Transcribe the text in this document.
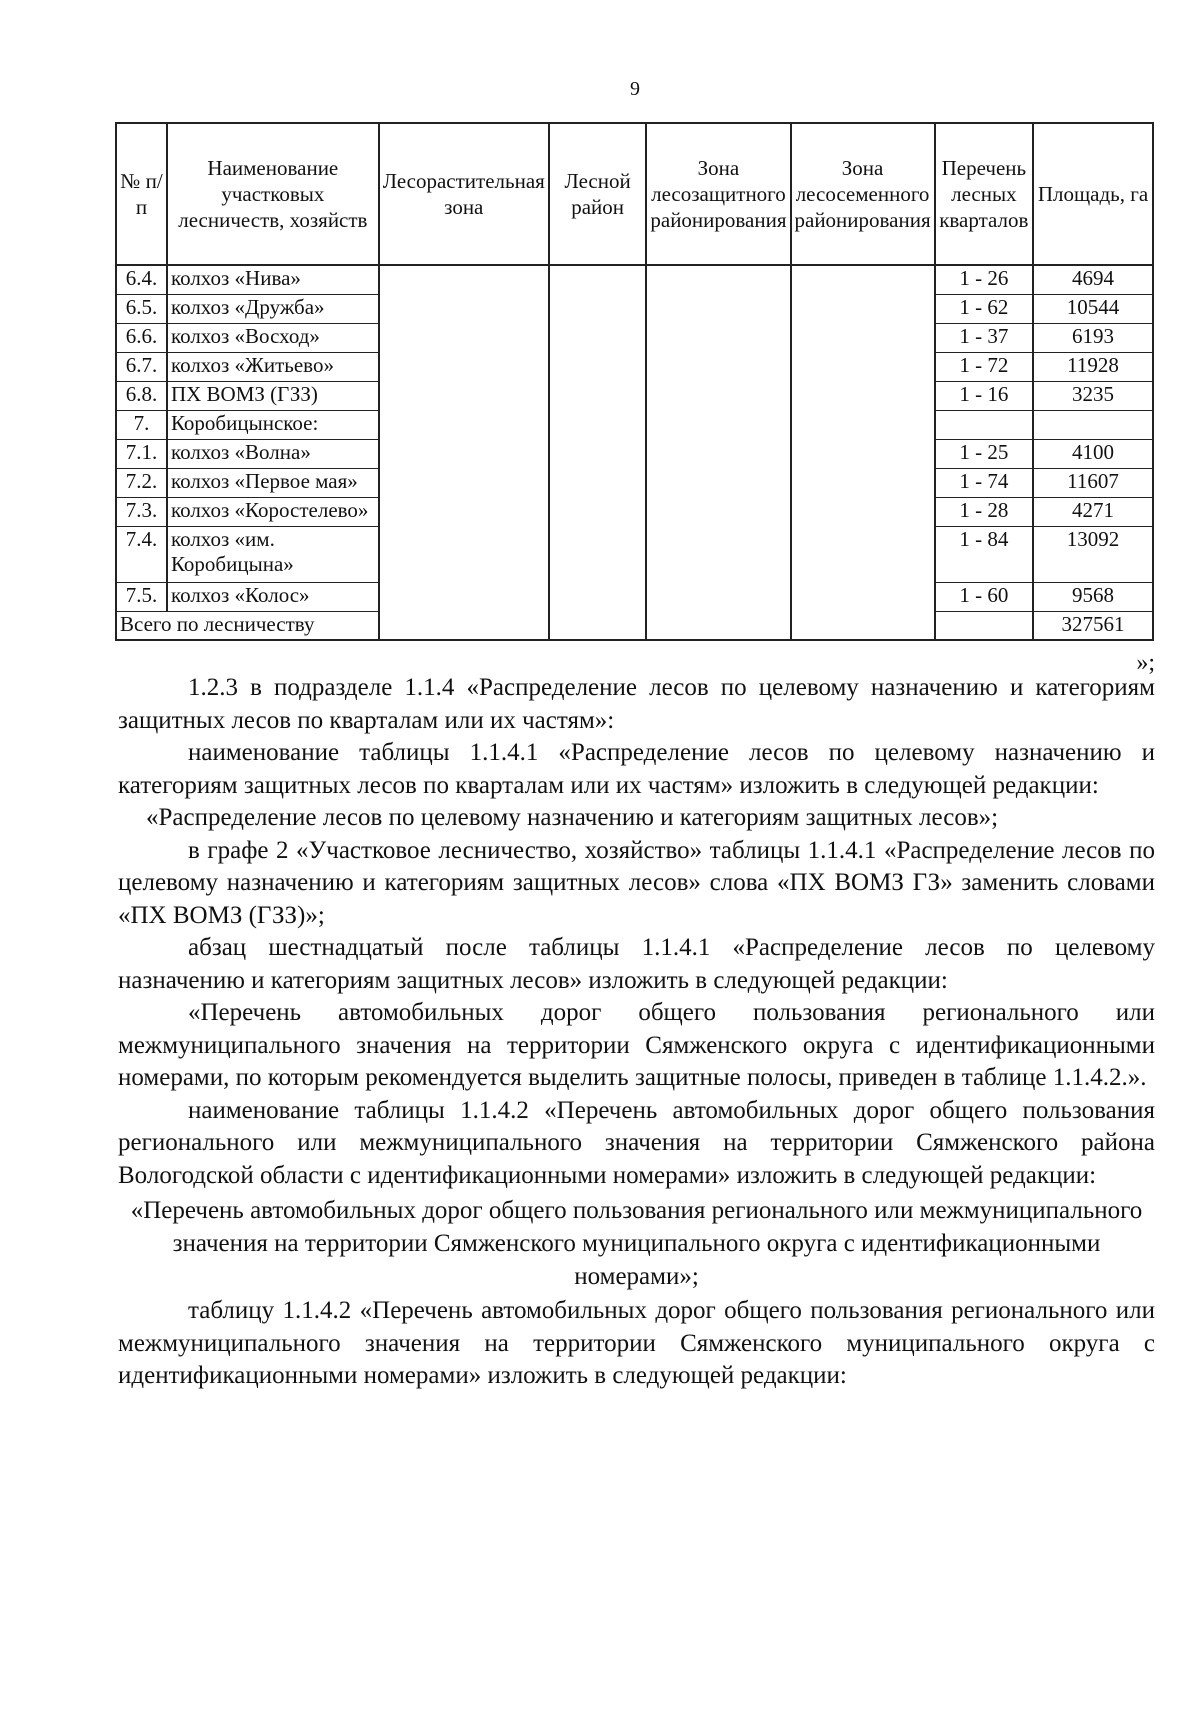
9
№ п/п	Наименование участковых лесничеств, хозяйств	Лесорастительная зона	Лесной район	Зона лесозащитного районирования	Зона лесосеменного районирования	Перечень лесных кварталов	Площадь, га
6.4.	колхоз «Нива»					1 - 26	4694
6.5.	колхоз «Дружба»					1 - 62	10544
6.6.	колхоз «Восход»					1 - 37	6193
6.7.	колхоз «Житьево»					1 - 72	11928
6.8.	ПХ ВОМЗ (ГЗЗ)					1 - 16	3235
7.	Коробицынское:						
7.1.	колхоз «Волна»					1 - 25	4100
7.2.	колхоз «Первое мая»					1 - 74	11607
7.3.	колхоз «Коростелево»					1 - 28	4271
7.4.	колхоз «им. Коробицына»					1 - 84	13092
7.5.	колхоз «Колос»					1 - 60	9568
Всего по лесничеству							327561
»;

1.2.3 в подразделе 1.1.4 «Распределение лесов по целевому назначению и категориям защитных лесов по кварталам или их частям»:

наименование таблицы 1.1.4.1 «Распределение лесов по целевому назначению и категориям защитных лесов по кварталам или их частям» изложить в следующей редакции:

«Распределение лесов по целевому назначению и категориям защитных лесов»;

в графе 2 «Участковое лесничество, хозяйство» таблицы 1.1.4.1 «Распределение лесов по целевому назначению и категориям защитных лесов» слова «ПХ ВОМЗ ГЗ» заменить словами «ПХ ВОМЗ (ГЗЗ)»;

абзац шестнадцатый после таблицы 1.1.4.1 «Распределение лесов по целевому назначению и категориям защитных лесов» изложить в следующей редакции:

«Перечень автомобильных дорог общего пользования регионального или межмуниципального значения на территории Сямженского округа с идентификационными номерами, по которым рекомендуется выделить защитные полосы, приведен в таблице 1.1.4.2.».

наименование таблицы 1.1.4.2 «Перечень автомобильных дорог общего пользования регионального или межмуниципального значения на территории Сямженского района Вологодской области с идентификационными номерами» изложить в следующей редакции:

«Перечень автомобильных дорог общего пользования регионального или межмуниципального значения на территории Сямженского муниципального округа с идентификационными номерами»;

таблицу 1.1.4.2 «Перечень автомобильных дорог общего пользования регионального или межмуниципального значения на территории Сямженского муниципального округа с идентификационными номерами» изложить в следующей редакции:
